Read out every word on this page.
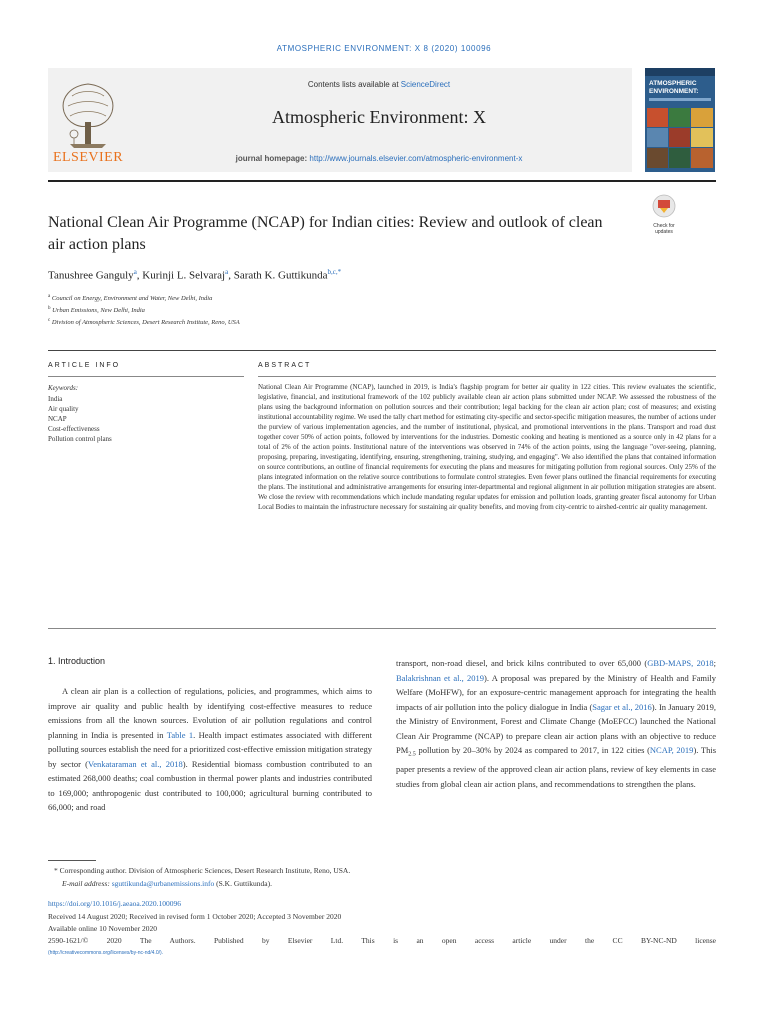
ATMOSPHERIC ENVIRONMENT: X 8 (2020) 100096
ELSEVIER
Contents lists available at ScienceDirect
Atmospheric Environment: X
journal homepage: http://www.journals.elsevier.com/atmospheric-environment-x
ATMOSPHERIC ENVIRONMENT:
Check for
updates
National Clean Air Programme (NCAP) for Indian cities: Review and outlook of clean air action plans
Tanushree Ganguly$^a$, Kurinji L. Selvaraj$^a$, Sarath K. Guttikunda$^{b,c,*}$
$^a$ Council on Energy, Environment and Water, New Delhi, India
$^b$ Urban Emissions, New Delhi, India
$^c$ Division of Atmospheric Sciences, Desert Research Institute, Reno, USA
ARTICLE INFO
Keywords:
India
Air quality
NCAP
Cost-effectiveness
Pollution control plans
ABSTRACT
National Clean Air Programme (NCAP), launched in 2019, is India's flagship program for better air quality in 122 cities. This review evaluates the scientific, legislative, financial, and institutional framework of the 102 publicly available clean air action plans submitted under NCAP. We assessed the robustness of the plans using the background information on pollution sources and their contribution; legal backing for the clean air action plan; cost of measures; and existing institutional accountability regime. We used the tally chart method for estimating city-specific and sector-specific mitigation measures, the number of actions under the purview of various implementation agencies, and the number of institutional, physical, and promotional interventions in the plans. Transport and road dust together cover 50% of action points, followed by interventions for the industries. Domestic cooking and heating is mentioned as a source only in 42 plans for a total of 2% of the action points. Institutional nature of the interventions was observed in 74% of the action points, using the language "over-seeing, planning, proposing, preparing, investigating, identifying, ensuring, strengthening, training, studying, and engaging". We also identified the plans that contained information on source contributions, an outline of financial requirements for executing the plans and measures for mitigating pollution from regional sources. Only 25% of the plans integrated information on the relative source contributions to formulate control strategies. Even fewer plans outlined the financial requirements for executing the plans. The institutional and administrative arrangements for ensuring inter-departmental and regional alignment in air pollution mitigation strategies are absent. We close the review with recommendations which include mandating regular updates for emission and pollution loads, granting greater fiscal autonomy for Urban Local Bodies to maintain the infrastructure necessary for sustaining air quality benefits, and moving from city-centric to airshed-centric air quality management.
1. Introduction

A clean air plan is a collection of regulations, policies, and programmes, which aims to improve air quality and public health by identifying cost-effective measures to reduce emissions from all the known sources. Evolution of air pollution regulations and control planning in India is presented in Table 1. Health impact estimates associated with different polluting sources establish the need for a prioritized cost-effective emission mitigation strategy by sector (Venkataraman et al., 2018). Residential biomass combustion contributed to an estimated 268,000 deaths; coal combustion in thermal power plants and industries contributed to 169,000; anthropogenic dust contributed to 100,000; agricultural burning contributed to 66,000; and road

transport, non-road diesel, and brick kilns contributed to over 65,000 (GBD-MAPS, 2018; Balakrishnan et al., 2019). A proposal was prepared by the Ministry of Health and Family Welfare (MoHFW), for an exposure-centric management approach for integrating the health impacts of air pollution into the policy dialogue in India (Sagar et al., 2016). In January 2019, the Ministry of Environment, Forest and Climate Change (MoEFCC) launched the National Clean Air Programme (NCAP) to prepare clean air action plans with an objective to reduce $PM_{2.5}$ pollution by 20–30% by 2024 as compared to 2017, in 122 cities (NCAP, 2019). This paper presents a review of the approved clean air action plans, review of key elements in case studies from global clean air action plans, and recommendations to strengthen the plans.

* Corresponding author. Division of Atmospheric Sciences, Desert Research Institute, Reno, USA.
E-mail address: sguttikunda@urbanemissions.info (S.K. Guttikunda).
https://doi.org/10.1016/j.aeaoa.2020.100096
Received 14 August 2020; Received in revised form 1 October 2020; Accepted 3 November 2020
Available online 10 November 2020
2590-1621/© 2020 The Authors. Published by Elsevier Ltd. This is an open access article under the CC BY-NC-ND license
(http://creativecommons.org/licenses/by-nc-nd/4.0/).
